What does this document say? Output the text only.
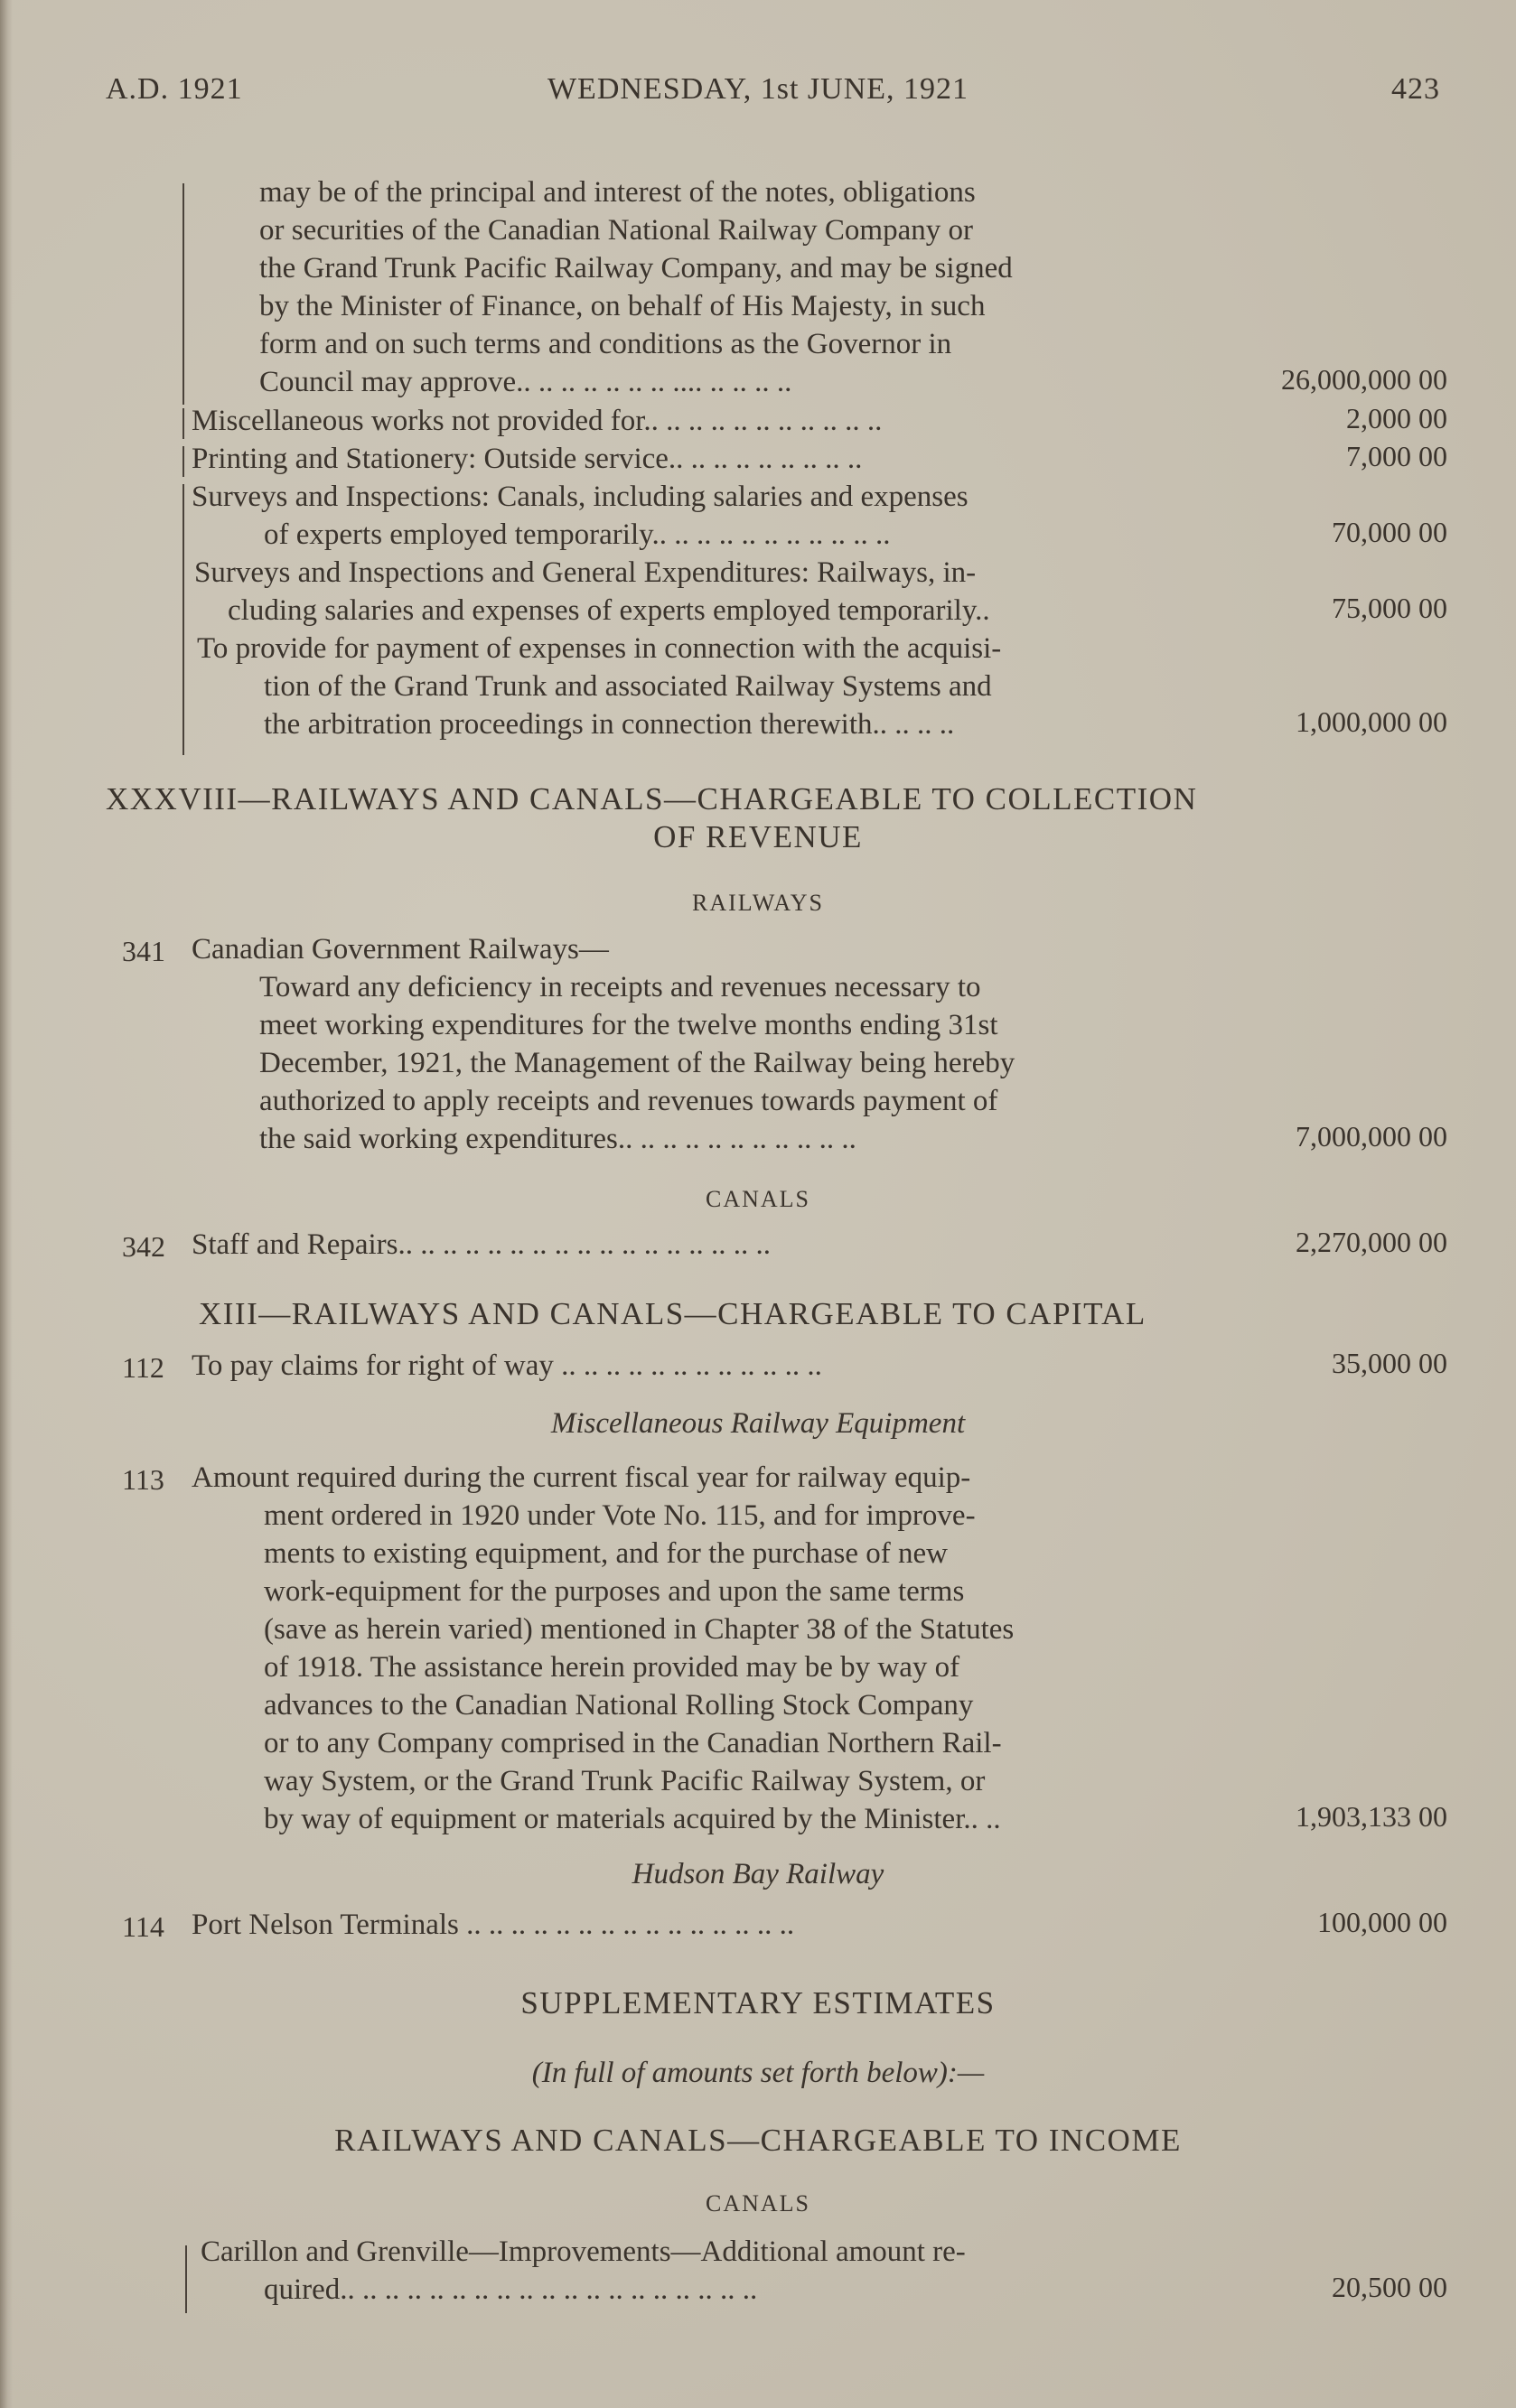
A.D. 1921	WEDNESDAY, 1st JUNE, 1921	423
may be of the principal and interest of the notes, obligations
or securities of the Canadian National Railway Company or
the Grand Trunk Pacific Railway Company, and may be signed
by the Minister of Finance, on behalf of His Majesty, in such
form and on such terms and conditions as the Governor in
Council may approve.. .. .. .. .. .. .. .... .. .. .. ..	26,000,000 00
Miscellaneous works not provided for.. .. .. .. .. .. .. .. .. .. ..	2,000 00
Printing and Stationery: Outside service.. .. .. .. .. .. .. .. ..	7,000 00
Surveys and Inspections: Canals, including salaries and expenses
of experts employed temporarily.. .. .. .. .. .. .. .. .. .. ..	70,000 00
Surveys and Inspections and General Expenditures: Railways, in-
cluding salaries and expenses of experts employed temporarily..	75,000 00
To provide for payment of expenses in connection with the acquisi-
tion of the Grand Trunk and associated Railway Systems and
the arbitration proceedings in connection therewith.. .. .. ..	1,000,000 00
XXXVIII—RAILWAYS AND CANALS—CHARGEABLE TO COLLECTION
OF REVENUE
RAILWAYS
341 Canadian Government Railways—
Toward any deficiency in receipts and revenues necessary to
meet working expenditures for the twelve months ending 31st
December, 1921, the Management of the Railway being hereby
authorized to apply receipts and revenues towards payment of
the said working expenditures.. .. .. .. .. .. .. .. .. .. ..	7,000,000 00
CANALS
342 Staff and Repairs.. .. .. .. .. .. .. .. .. .. .. .. .. .. .. .. ..	2,270,000 00
XIII—RAILWAYS AND CANALS—CHARGEABLE TO CAPITAL
112 To pay claims for right of way .. .. .. .. .. .. .. .. .. .. .. ..	35,000 00
Miscellaneous Railway Equipment
113 Amount required during the current fiscal year for railway equip-
ment ordered in 1920 under Vote No. 115, and for improve-
ments to existing equipment, and for the purchase of new
work-equipment for the purposes and upon the same terms
(save as herein varied) mentioned in Chapter 38 of the Statutes
of 1918. The assistance herein provided may be by way of
advances to the Canadian National Rolling Stock Company
or to any Company comprised in the Canadian Northern Rail-
way System, or the Grand Trunk Pacific Railway System, or
by way of equipment or materials acquired by the Minister.. ..	1,903,133 00
Hudson Bay Railway
114 Port Nelson Terminals .. .. .. .. .. .. .. .. .. .. .. .. .. .. ..	100,000 00
SUPPLEMENTARY ESTIMATES
(In full of amounts set forth below):—
RAILWAYS AND CANALS—CHARGEABLE TO INCOME
CANALS
Carillon and Grenville—Improvements—Additional amount re-
quired.. .. .. .. .. .. .. .. .. .. .. .. .. .. .. .. .. .. ..	20,500 00
